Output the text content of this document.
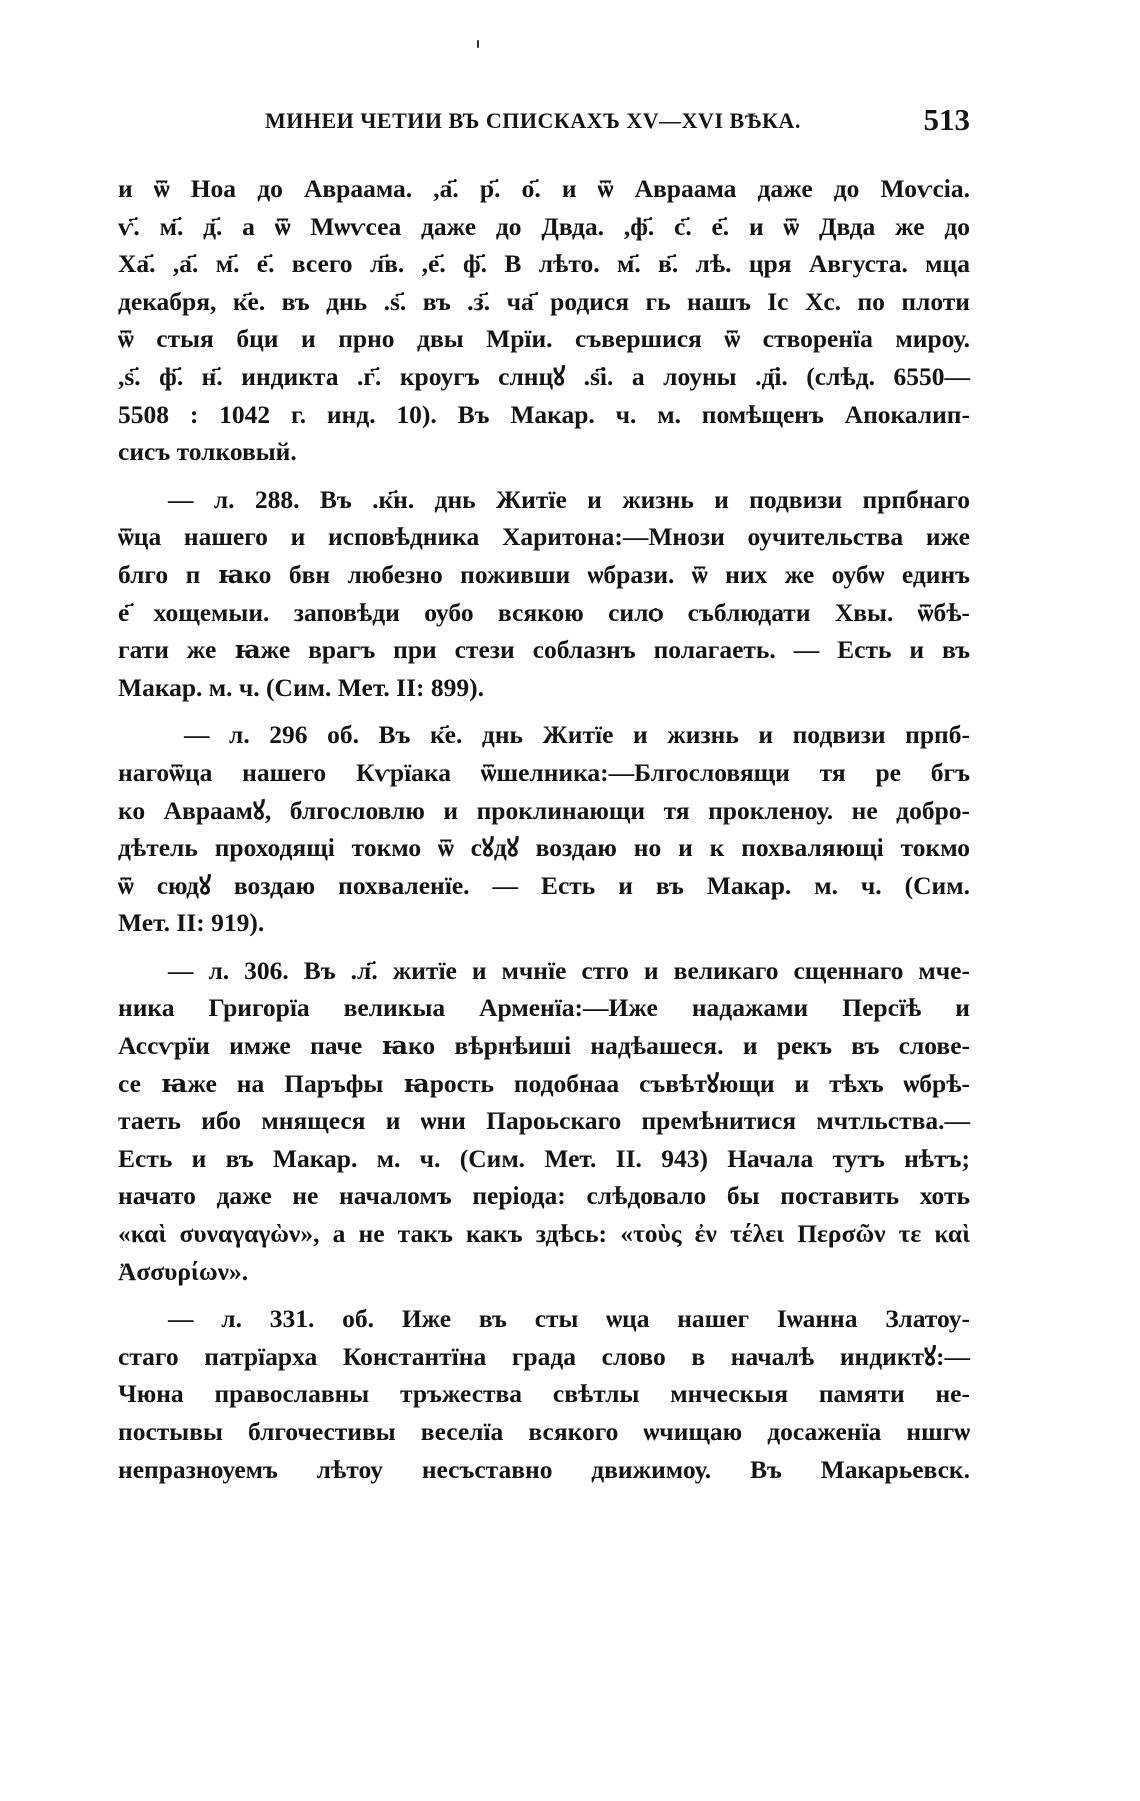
МИНЕИ ЧЕТИИ ВЪ СПИСКАХЪ XV—XVI ВѢКА.	513
и ѿ Ноа до Авраама. ,а҃. р҃. о҃. и ѿ Авраама даже до Моѵсіа.
ѵ҃. м҃. д҃. а ѿ Мѡѵсеа даже до Двда. ,ф҃. с҃. е҃. и ѿ Двда же до
Ха҃. ,а҃. м҃. е҃. всего л҃в. ,е҃. ф҃. В лѣто. м҃. в҃. лѣ. цря Августа. мца
декабря, к҃е. въ днь .ѕ҃. въ .з҃. ча҃ родися гь нашъ Іс Хс. по плоти
ѿ стыя бци и прно двы Мрїи. съвершися ѿ створенїа мироу.
,ѕ҃. ф҃. н҃. индикта .г҃. кроугъ слнцꙋ .ѕ҃і. а лоуны .д҃і. (слѣд. 6550—
5508 : 1042 г. инд. 10). Въ Макар. ч. м. помѣщенъ Апокалип-
сисъ толковый.
— л. 288. Въ .к҃н. днь Житїе и жизнь и подвизи прпбнаго
ѿца нашего и исповѣдника Харитона:—Мнози оучительства иже
блго п ꙗко бвн любезно поживши ѡбрази. ѿ них же оубѡ единъ
е҃ хощемыи. заповѣди оубо всякою силѻ съблюдати Хвы. ѿбѣ-
гати же ꙗже врагъ при стези соблазнъ полагаеть. — Есть и въ
Макар. м. ч. (Сим. Мет. II: 899).
— л. 296 об. Въ к҃е. днь Житїе и жизнь и подвизи прпб-
нагоѿца нашего Кѵрїака ѿшелника:—Блгословящи тя ре бгъ
ко Авраамꙋ, блгословлю и проклинающи тя прокленоу. не добро-
дѣтель проходящі токмо ѿ сꙋдꙋ воздаю но и к похваляющі токмо
ѿ сюдꙋ воздаю похваленїе. — Есть и въ Макар. м. ч. (Сим.
Мет. II: 919).
— л. 306. Въ .л҃. житїе и мчнїе стго и великаго сщеннаго мче-
ника Григорїа великыа Арменїа:—Иже надажами Персїѣ и
Ассѵрїи имже паче ꙗко вѣрнѣиші надѣашеся. и рекъ въ слове-
се ꙗже на Паръфы ꙗрость подобнаа съвѣтꙋющи и тѣхъ ѡбрѣ-
таеть ибо мнящеся и ѡни Пароьскаго премѣнитися мчтльства.—
Есть и въ Макар. м. ч. (Сим. Мет. II. 943) Начала тутъ нѣтъ;
начато даже не началомъ періода: слѣдовало бы поставить хоть
«καὶ συναγαγὼν», а не такъ какъ здѣсь: «τοὺς ἐν τέλει Περσῶν τε καὶ
Ἀσσυρίων».
— л. 331. об. Иже въ сты ѡца нашег Іѡанна Златоу-
стаго патрїарха Константїна града слово в началѣ индиктꙋ:—
Чюна православны тръжества свѣтлы мнческыя памяти не-
постывы блгочестивы веселїа всякого ѡчищаю досаженїа ншгѡ
непразноуемъ лѣтоу несъставно движимоу. Въ Макарьевск.
